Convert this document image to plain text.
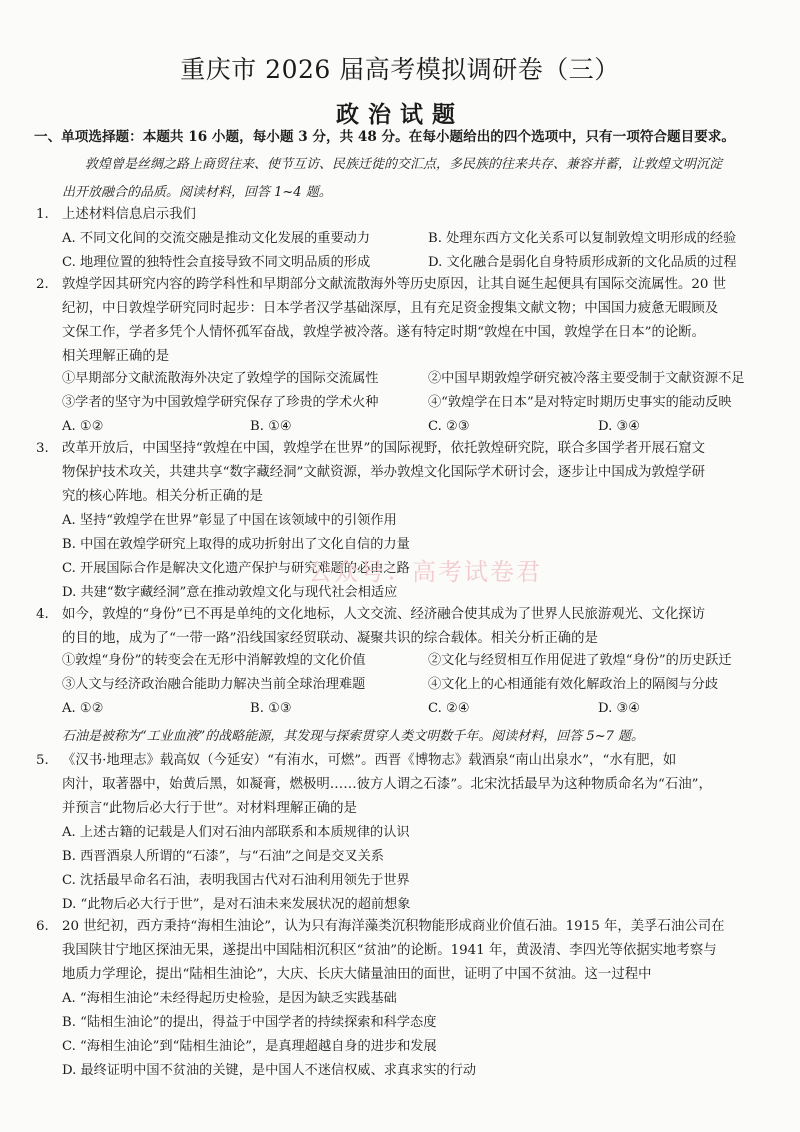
重庆市 2026 届高考模拟调研卷（三）
政治试题
一、单项选择题：本题共 16 小题，每小题 3 分，共 48 分。在每小题给出的四个选项中，只有一项符合题目要求。
敦煌曾是丝绸之路上商贸往来、使节互访、民族迁徙的交汇点，多民族的往来共存、兼容并蓄，让敦煌文明沉淀
出开放融合的品质。阅读材料，回答 1~4 题。
1. 上述材料信息启示我们
A. 不同文化间的交流交融是推动文化发展的重要动力	B. 处理东西方文化关系可以复制敦煌文明形成的经验
C. 地理位置的独特性会直接导致不同文明品质的形成	D. 文化融合是弱化自身特质形成新的文化品质的过程
2. 敦煌学因其研究内容的跨学科性和早期部分文献流散海外等历史原因，让其自诞生起便具有国际交流属性。20 世
纪初，中日敦煌学研究同时起步：日本学者汉学基础深厚，且有充足资金搜集文献文物；中国国力疲惫无暇顾及
文保工作，学者多凭个人情怀孤军奋战，敦煌学被冷落。遂有特定时期“敦煌在中国，敦煌学在日本”的论断。
相关理解正确的是
①早期部分文献流散海外决定了敦煌学的国际交流属性	②中国早期敦煌学研究被冷落主要受制于文献资源不足
③学者的坚守为中国敦煌学研究保存了珍贵的学术火种	④“敦煌学在日本”是对特定时期历史事实的能动反映
A. ①②	B. ①④	C. ②③	D. ③④
3. 改革开放后，中国坚持“敦煌在中国，敦煌学在世界”的国际视野，依托敦煌研究院，联合多国学者开展石窟文
物保护技术攻关，共建共享“数字藏经洞”文献资源，举办敦煌文化国际学术研讨会，逐步让中国成为敦煌学研
究的核心阵地。相关分析正确的是
A. 坚持“敦煌学在世界”彰显了中国在该领域中的引领作用
B. 中国在敦煌学研究上取得的成功折射出了文化自信的力量
C. 开展国际合作是解决文化遗产保护与研究难题的必由之路
D. 共建“数字藏经洞”意在推动敦煌文化与现代社会相适应
公众号：高考试卷君
4. 如今，敦煌的“身份”已不再是单纯的文化地标，人文交流、经济融合使其成为了世界人民旅游观光、文化探访
的目的地，成为了“一带一路”沿线国家经贸联动、凝聚共识的综合载体。相关分析正确的是
①敦煌“身份”的转变会在无形中消解敦煌的文化价值	②文化与经贸相互作用促进了敦煌“身份”的历史跃迁
③人文与经济政治融合能助力解决当前全球治理难题	④文化上的心相通能有效化解政治上的隔阂与分歧
A. ①②	B. ①③	C. ②④	D. ③④
石油是被称为“工业血液”的战略能源，其发现与探索贯穿人类文明数千年。阅读材料，回答 5~7 题。
5. 《汉书·地理志》载高奴（今延安）“有洧水，可燃”。西晋《博物志》载酒泉“南山出泉水”，“水有肥，如
肉汁，取著器中，始黄后黑，如凝膏，燃极明……彼方人谓之石漆”。北宋沈括最早为这种物质命名为“石油”，
并预言“此物后必大行于世”。对材料理解正确的是
A. 上述古籍的记载是人们对石油内部联系和本质规律的认识
B. 西晋酒泉人所谓的“石漆”，与“石油”之间是交叉关系
C. 沈括最早命名石油，表明我国古代对石油利用领先于世界
D. “此物后必大行于世”，是对石油未来发展状况的超前想象
6. 20 世纪初，西方秉持“海相生油论”，认为只有海洋藻类沉积物能形成商业价值石油。1915 年，美孚石油公司在
我国陕甘宁地区探油无果，遂提出中国陆相沉积区“贫油”的论断。1941 年，黄汲清、李四光等依据实地考察与
地质力学理论，提出“陆相生油论”，大庆、长庆大储量油田的面世，证明了中国不贫油。这一过程中
A. “海相生油论”未经得起历史检验，是因为缺乏实践基础
B. “陆相生油论”的提出，得益于中国学者的持续探索和科学态度
C. “海相生油论”到“陆相生油论”，是真理超越自身的进步和发展
D. 最终证明中国不贫油的关键，是中国人不迷信权威、求真求实的行动
